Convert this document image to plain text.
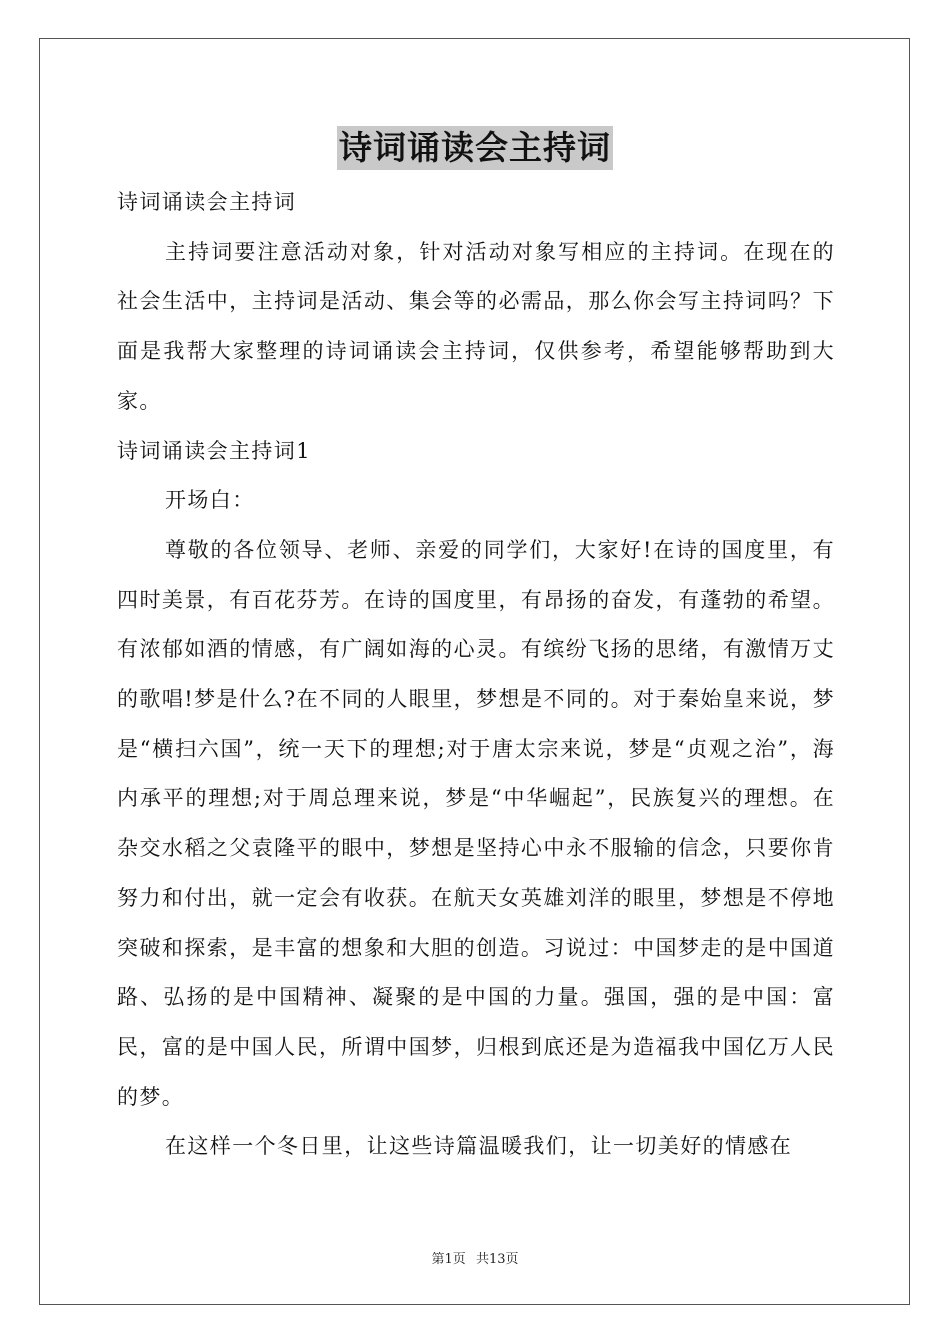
诗词诵读会主持词

诗词诵读会主持词

主持词要注意活动对象，针对活动对象写相应的主持词。在现在的社会生活中，主持词是活动、集会等的必需品，那么你会写主持词吗？下面是我帮大家整理的诗词诵读会主持词，仅供参考，希望能够帮助到大家。

诗词诵读会主持词1

开场白：

尊敬的各位领导、老师、亲爱的同学们，大家好!在诗的国度里，有四时美景，有百花芬芳。在诗的国度里，有昂扬的奋发，有蓬勃的希望。有浓郁如酒的情感，有广阔如海的心灵。有缤纷飞扬的思绪，有激情万丈的歌唱!梦是什么?在不同的人眼里，梦想是不同的。对于秦始皇来说，梦是“横扫六国”，统一天下的理想;对于唐太宗来说，梦是“贞观之治”，海内承平的理想;对于周总理来说，梦是“中华崛起”，民族复兴的理想。在杂交水稻之父袁隆平的眼中，梦想是坚持心中永不服输的信念，只要你肯努力和付出，就一定会有收获。在航天女英雄刘洋的眼里，梦想是不停地突破和探索，是丰富的想象和大胆的创造。习说过：中国梦走的是中国道路、弘扬的是中国精神、凝聚的是中国的力量。强国，强的是中国：富民，富的是中国人民，所谓中国梦，归根到底还是为造福我中国亿万人民的梦。

在这样一个冬日里，让这些诗篇温暖我们，让一切美好的情感在

第1页 共13页
